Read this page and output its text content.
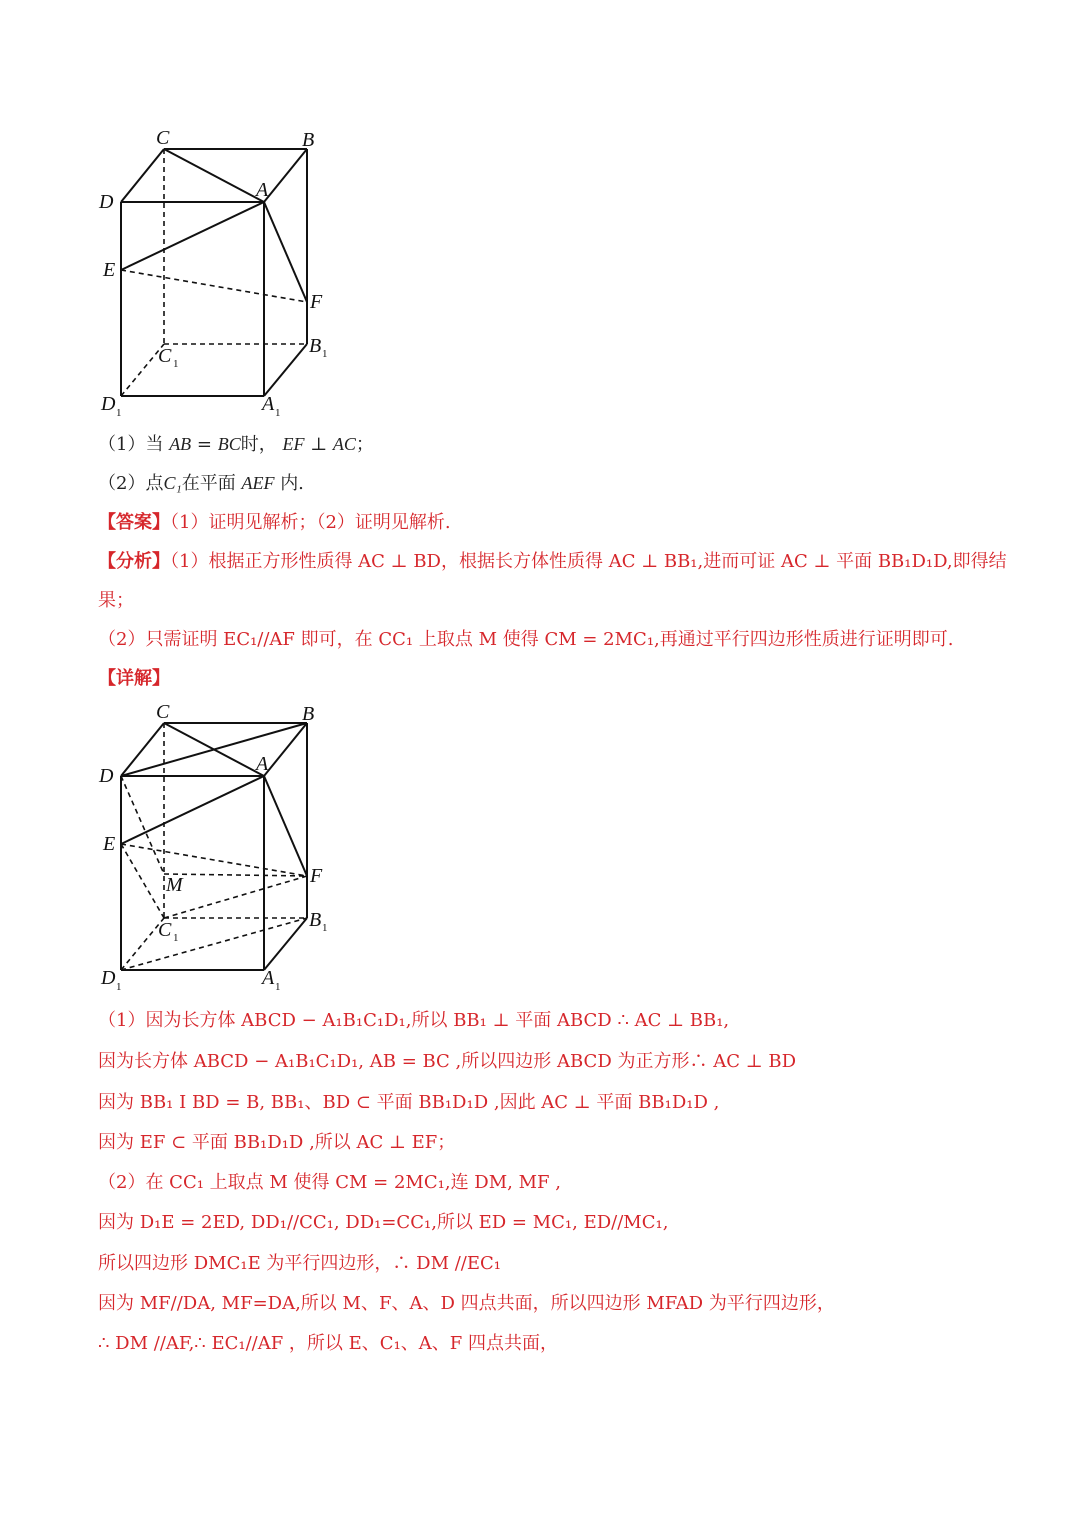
C	B
D
A
E
F
C 1
B 1
D 1	A 1
（1）当 AB = BC时， EF ⊥ AC；
（2）点C₁在平面 AEF 内.
【答案】（1）证明见解析；（2）证明见解析.
【分析】（1）根据正方形性质得 AC ⊥ BD，根据长方体性质得 AC ⊥ BB₁,进而可证 AC ⊥ 平面 BB₁D₁D,即得结
果；
（2）只需证明 EC₁//AF 即可，在 CC₁ 上取点 M 使得 CM = 2MC₁,再通过平行四边形性质进行证明即可.
【详解】
C	B
D
A
E
F
M
C 1
B 1
D 1	A 1
（1）因为长方体 ABCD − A₁B₁C₁D₁,所以 BB₁ ⊥ 平面 ABCD ∴ AC ⊥ BB₁,
因为长方体 ABCD − A₁B₁C₁D₁, AB = BC ,所以四边形 ABCD 为正方形∴ AC ⊥ BD
因为 BB₁ I BD = B, BB₁、BD ⊂ 平面 BB₁D₁D ,因此 AC ⊥ 平面 BB₁D₁D ,
因为 EF ⊂ 平面 BB₁D₁D ,所以 AC ⊥ EF；
（2）在 CC₁ 上取点 M 使得 CM = 2MC₁,连 DM, MF ,
因为 D₁E = 2ED, DD₁//CC₁, DD₁=CC₁,所以 ED = MC₁, ED//MC₁,
所以四边形 DMC₁E 为平行四边形，∴ DM //EC₁
因为 MF//DA, MF=DA,所以 M、F、A、D 四点共面，所以四边形 MFAD 为平行四边形，
∴ DM //AF,∴ EC₁//AF ，所以 E、C₁、A、F 四点共面，
